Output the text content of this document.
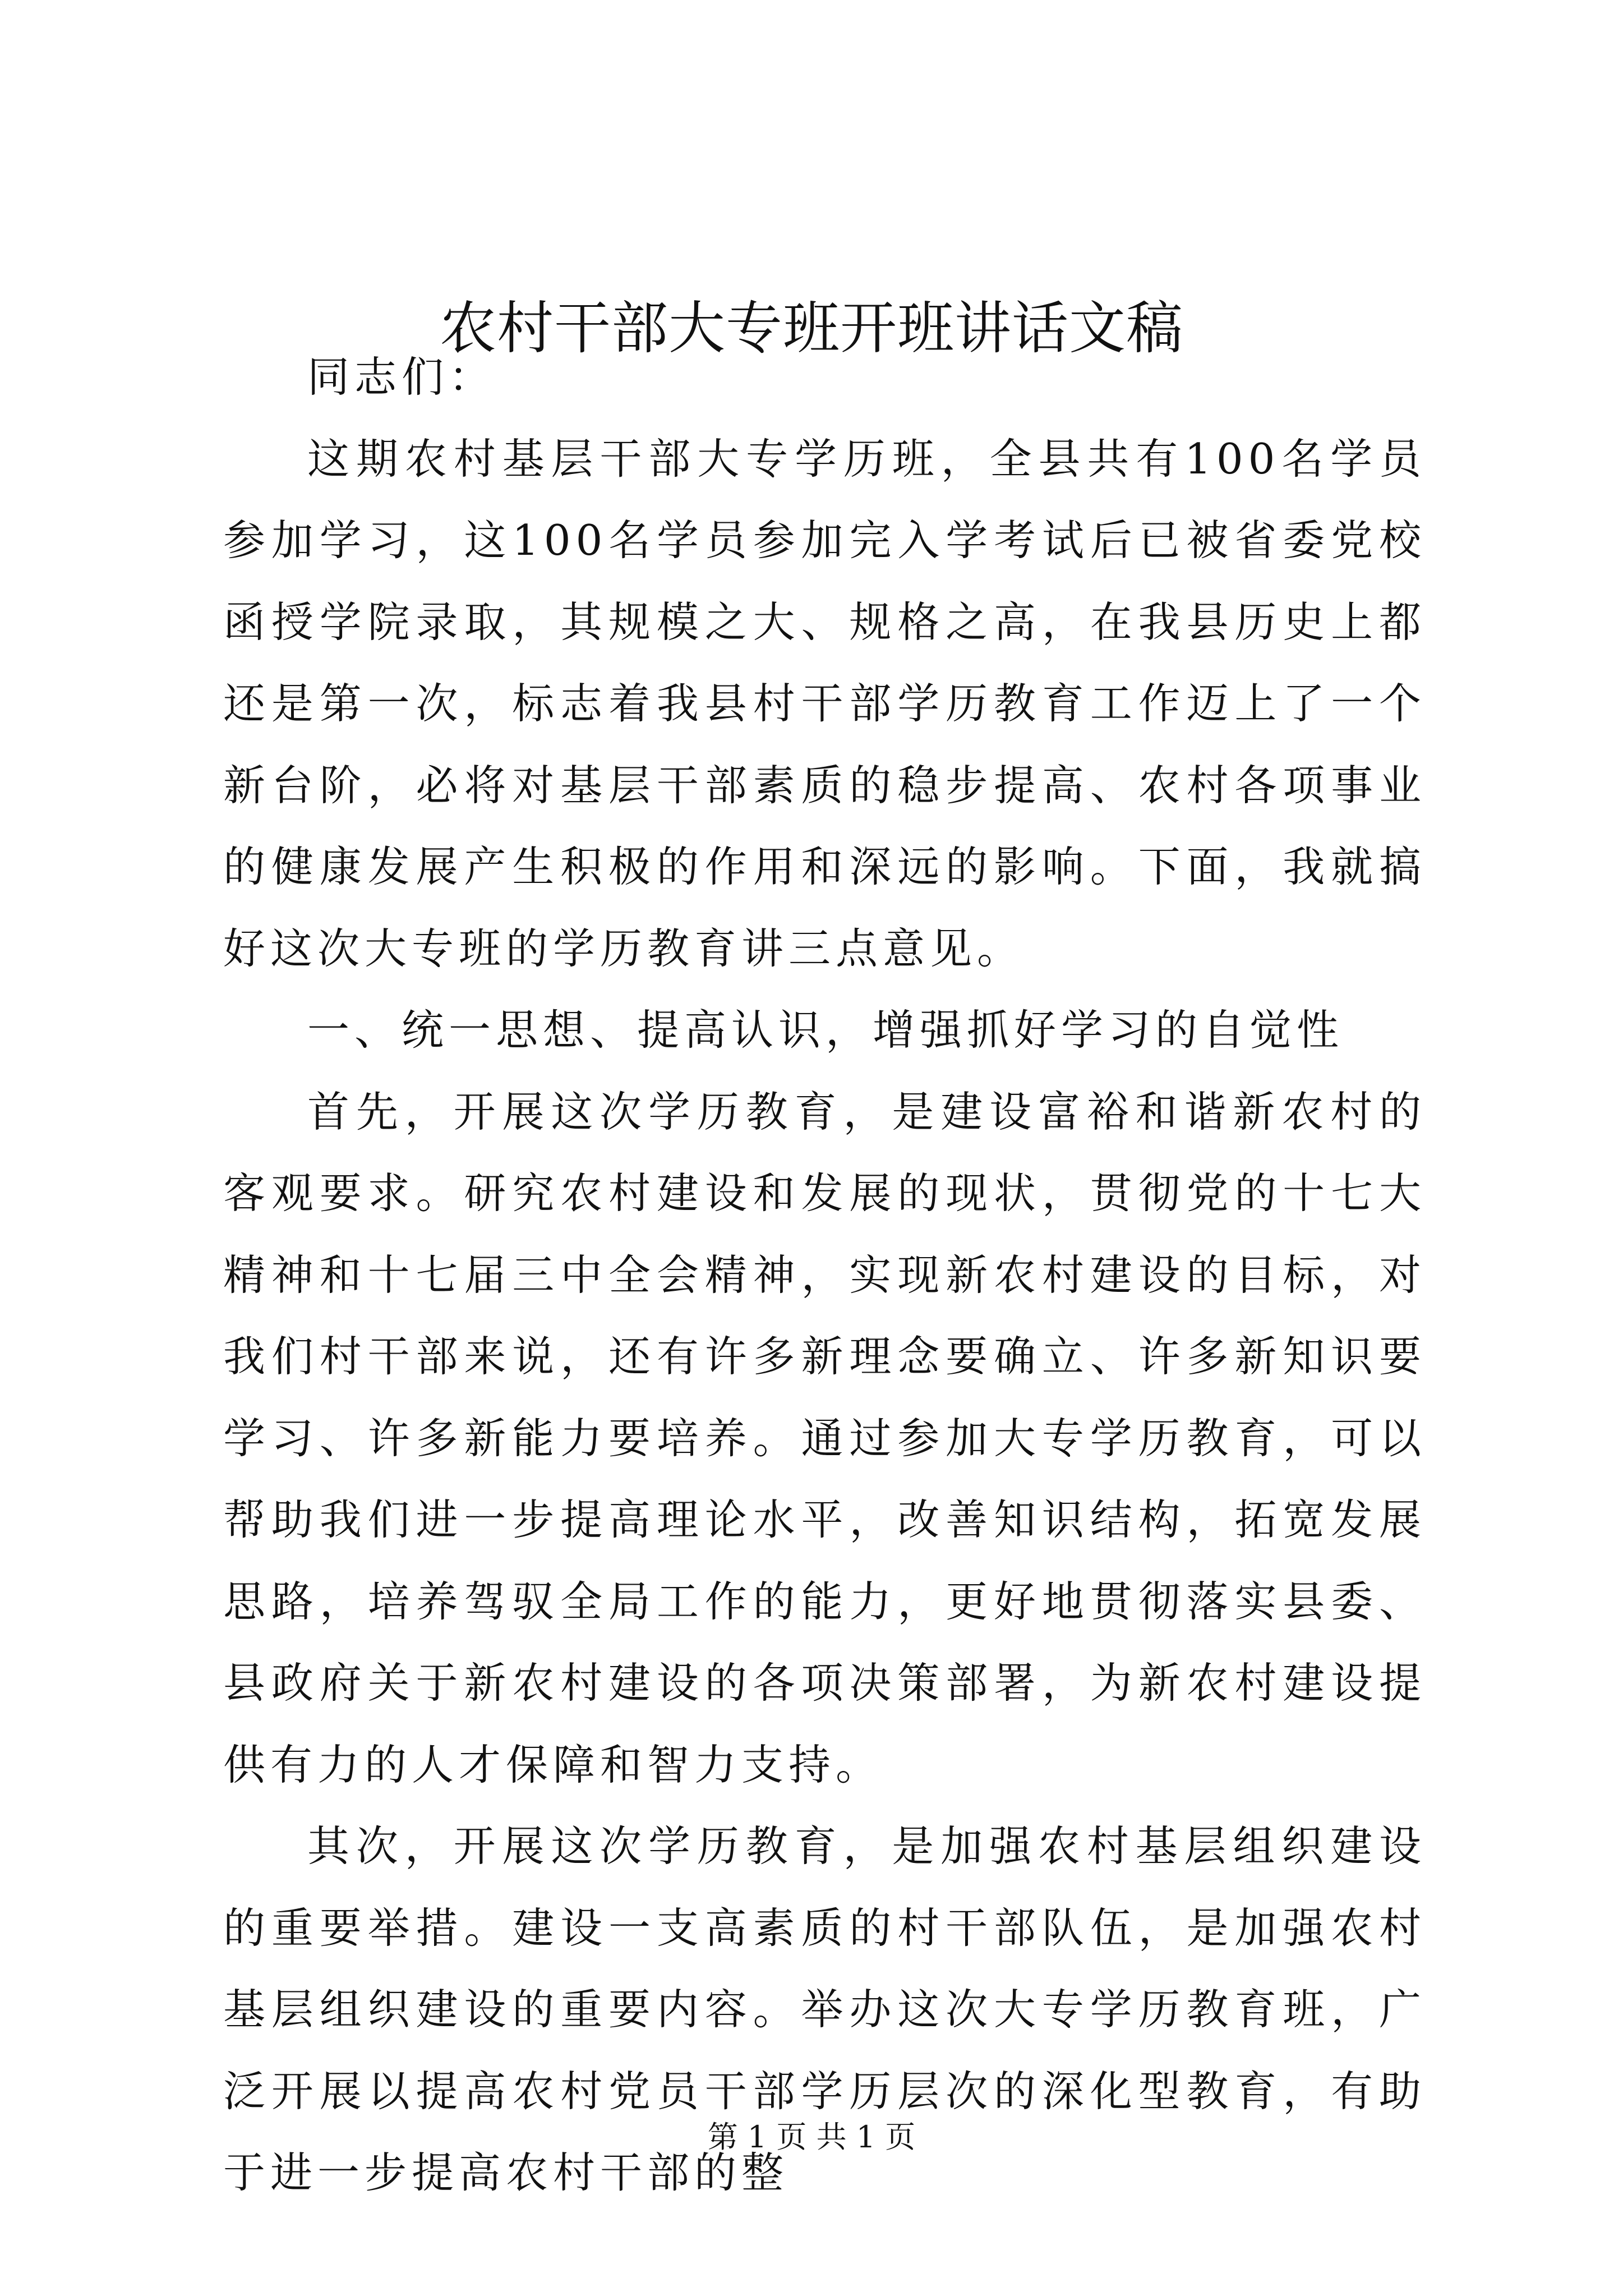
农村干部大专班开班讲话文稿

同志们：

这期农村基层干部大专学历班，全县共有100名学员参加学习，这100名学员参加完入学考试后已被省委党校函授学院录取，其规模之大、规格之高，在我县历史上都还是第一次，标志着我县村干部学历教育工作迈上了一个新台阶，必将对基层干部素质的稳步提高、农村各项事业的健康发展产生积极的作用和深远的影响。下面，我就搞好这次大专班的学历教育讲三点意见。

一、统一思想、提高认识，增强抓好学习的自觉性

首先，开展这次学历教育，是建设富裕和谐新农村的客观要求。研究农村建设和发展的现状，贯彻党的十七大精神和十七届三中全会精神，实现新农村建设的目标，对我们村干部来说，还有许多新理念要确立、许多新知识要学习、许多新能力要培养。通过参加大专学历教育，可以帮助我们进一步提高理论水平，改善知识结构，拓宽发展思路，培养驾驭全局工作的能力，更好地贯彻落实县委、县政府关于新农村建设的各项决策部署，为新农村建设提供有力的人才保障和智力支持。

其次，开展这次学历教育，是加强农村基层组织建设的重要举措。建设一支高素质的村干部队伍，是加强农村基层组织建设的重要内容。举办这次大专学历教育班，广泛开展以提高农村党员干部学历层次的深化型教育，有助于进一步提高农村干部的整

第 1 页 共 1 页
